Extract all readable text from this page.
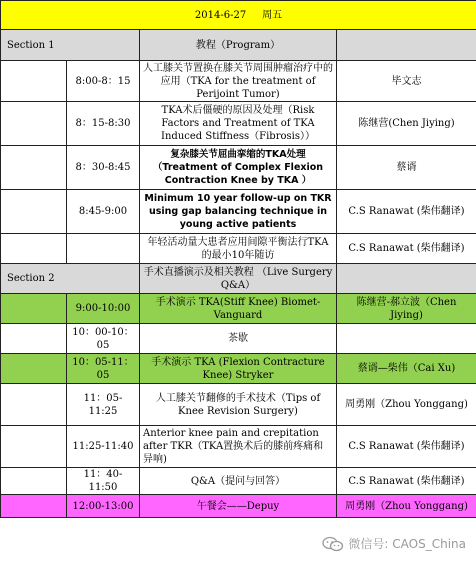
2014-6-27 周五			
Section 1		教程（Program）	
	8:00-8：15	人工膝关节置换在膝关节周围肿瘤治疗中的应用（TKA for the treatment of Perijoint Tumor)	毕文志
	8：15-8:30	TKA术后僵硬的原因及处理（Risk Factors and Treatment of TKA Induced Stiffness（Fibrosis））	陈继营(Chen Jiying)
	8：30-8:45	复杂膝关节屈曲挛缩的TKA处理（Treatment of Complex Flexion Contraction Knee by TKA ）	蔡谞
	8:45-9:00	Minimum 10 year follow-up on TKR using gap balancing technique in young active patients	C.S Ranawat (柴伟翻译)
		年轻活动量大患者应用间隙平衡法行TKA的最小10年随访	C.S Ranawat (柴伟翻译)
Section 2		手术直播演示及相关教程 （Live Surgery Q&A）	
	9:00-10:00	手术演示 TKA(Stiff Knee) Biomet-Vanguard	陈继营-郝立波（Chen Jiying)
	10：00-10：05	茶歇	
	10：05-11：05	手术演示 TKA (Flexion Contracture Knee) Stryker	蔡谞—柴伟（Cai Xu)
	11：05-11:25	人工膝关节翻修的手术技术（Tips of Knee Revision Surgery)	周勇刚（Zhou Yonggang)
	11:25-11:40	Anterior knee pain and crepitation after TKR（TKA置换术后的膝前疼痛和异响)	C.S Ranawat (柴伟翻译)
	11：40-11:50	Q&A（提问与回答）	C.S Ranawat (柴伟翻译)
	12:00-13:00	午餐会——Depuy	周勇刚（Zhou Yonggang)
微信号: CAOS_China
